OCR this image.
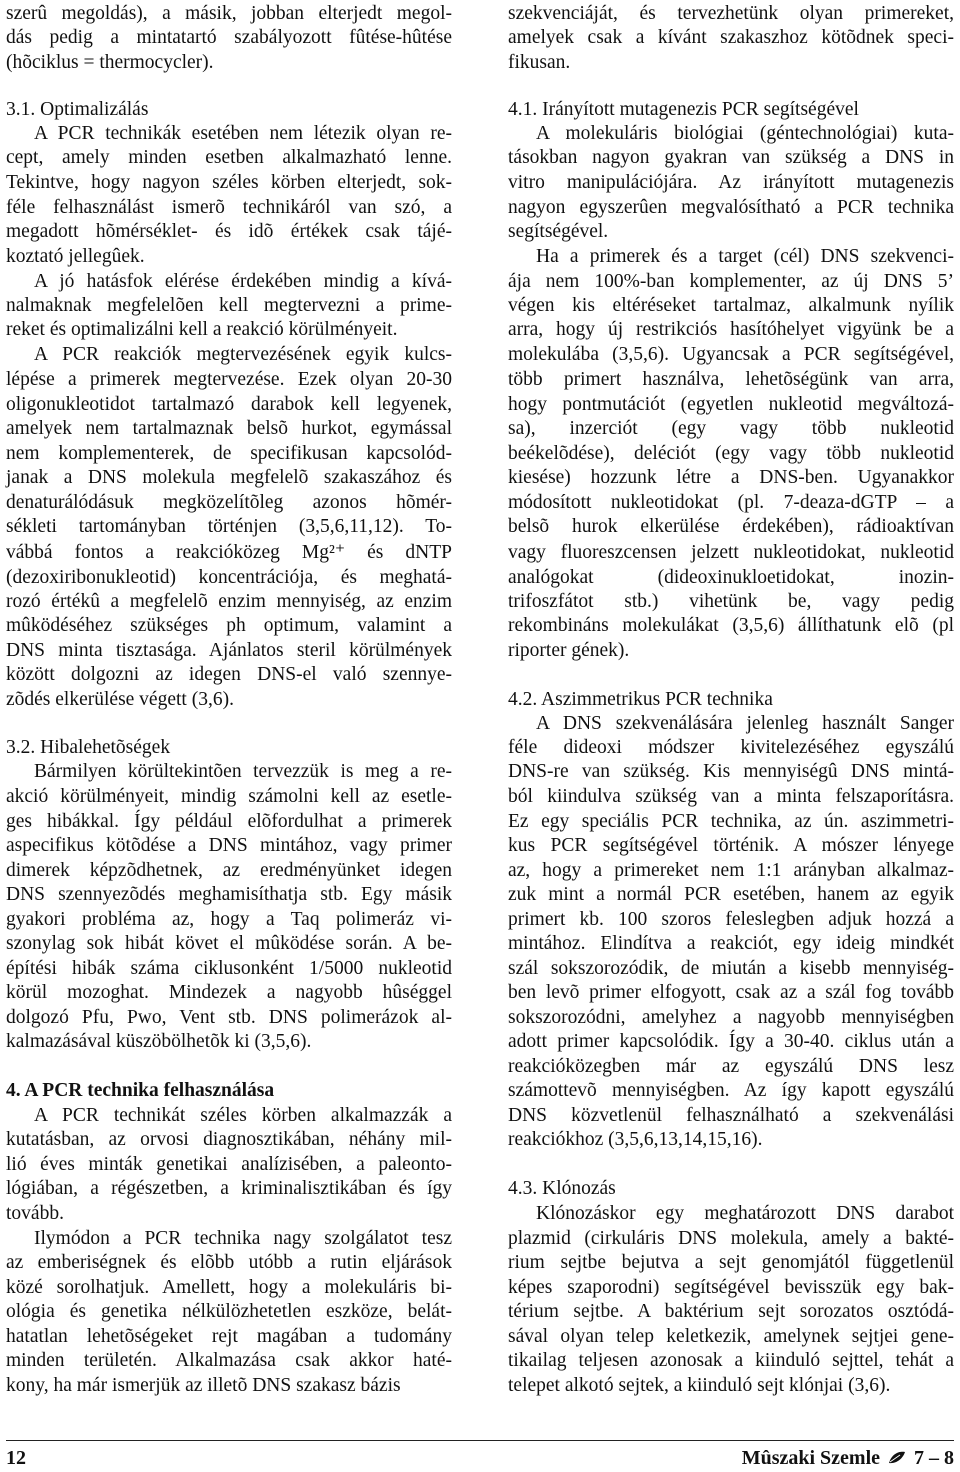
szerû megoldás), a másik, jobban elterjedt megol-
dás pedig a mintatartó szabályozott fûtése-hûtése
(hõciklus = thermocycler).
3.1. Optimalizálás
A PCR technikák esetében nem létezik olyan re-
cept, amely minden esetben alkalmazható lenne.
Tekintve, hogy nagyon széles körben elterjedt, sok-
féle felhasználást ismerõ technikáról van szó, a
megadott hõmérséklet- és idõ értékek csak tájé-
koztató jellegûek.
A jó hatásfok elérése érdekében mindig a kívá-
nalmaknak megfelelõen kell megtervezni a prime-
reket és optimalizálni kell a reakció körülményeit.
A PCR reakciók megtervezésének egyik kulcs-
lépése a primerek megtervezése. Ezek olyan 20-30
oligonukleotidot tartalmazó darabok kell legyenek,
amelyek nem tartalmaznak belsõ hurkot, egymással
nem komplementerek, de specifikusan kapcsolód-
janak a DNS molekula megfelelõ szakaszához és
denaturálódásuk megközelítõleg azonos hõmér-
sékleti tartományban történjen (3,5,6,11,12). To-
vábbá fontos a reakcióközeg Mg²⁺ és dNTP
(dezoxiribonukleotid) koncentrációja, és meghatá-
rozó értékû a megfelelõ enzim mennyiség, az enzim
mûködéséhez szükséges ph optimum, valamint a
DNS minta tisztasága. Ajánlatos steril körülmények
között dolgozni az idegen DNS-el való szennye-
zõdés elkerülése végett (3,6).
3.2. Hibalehetõségek
Bármilyen körültekintõen tervezzük is meg a re-
akció körülményeit, mindig számolni kell az esetle-
ges hibákkal. Így például elõfordulhat a primerek
aspecifikus kötõdése a DNS mintához, vagy primer
dimerek képzõdhetnek, az eredményünket idegen
DNS szennyezõdés meghamisíthatja stb. Egy másik
gyakori probléma az, hogy a Taq polimeráz vi-
szonylag sok hibát követ el mûködése során. A be-
építési hibák száma ciklusonként 1/5000 nukleotid
körül mozoghat. Mindezek a nagyobb hûséggel
dolgozó Pfu, Pwo, Vent stb. DNS polimerázok al-
kalmazásával küszöbölhetõk ki (3,5,6).
4. A PCR technika felhasználása
A PCR technikát széles körben alkalmazzák a
kutatásban, az orvosi diagnosztikában, néhány mil-
lió éves minták genetikai analízisében, a paleonto-
lógiában, a régészetben, a kriminalisztikában és így
tovább.
Ilymódon a PCR technika nagy szolgálatot tesz
az emberiségnek és elõbb utóbb a rutin eljárások
közé sorolhatjuk. Amellett, hogy a molekuláris bi-
ológia és genetika nélkülözhetetlen eszköze, belát-
hatatlan lehetõségeket rejt magában a tudomány
minden területén. Alkalmazása csak akkor haté-
kony, ha már ismerjük az illetõ DNS szakasz bázis
szekvenciáját, és tervezhetünk olyan primereket,
amelyek csak a kívánt szakaszhoz kötõdnek speci-
fikusan.
4.1. Irányított mutagenezis PCR segítségével
A molekuláris biológiai (géntechnológiai) kuta-
tásokban nagyon gyakran van szükség a DNS in
vitro manipulációjára. Az irányított mutagenezis
nagyon egyszerûen megvalósítható a PCR technika
segítségével.
Ha a primerek és a target (cél) DNS szekvenci-
ája nem 100%-ban komplementer, az új DNS 5’
végen kis eltéréseket tartalmaz, alkalmunk nyílik
arra, hogy új restrikciós hasítóhelyet vigyünk be a
molekulába (3,5,6). Ugyancsak a PCR segítségével,
több primert használva, lehetõségünk van arra,
hogy pontmutációt (egyetlen nukleotid megváltozá-
sa), inzerciót (egy vagy több nukleotid
beékelõdése), deléciót (egy vagy több nukleotid
kiesése) hozzunk létre a DNS-ben. Ugyanakkor
módosított nukleotidokat (pl. 7-deaza-dGTP – a
belsõ hurok elkerülése érdekében), rádioaktívan
vagy fluoreszcensen jelzett nukleotidokat, nukleotid
analógokat (dideoxinukloetidokat, inozin-
trifoszfátot stb.) vihetünk be, vagy pedig
rekombináns molekulákat (3,5,6) állíthatunk elõ (pl
riporter gének).
4.2. Aszimmetrikus PCR technika
A DNS szekvenálására jelenleg használt Sanger
féle dideoxi módszer kivitelezéséhez egyszálú
DNS-re van szükség. Kis mennyiségû DNS mintá-
ból kiindulva szükség van a minta felszaporításra.
Ez egy speciális PCR technika, az ún. aszimmetri-
kus PCR segítségével történik. A mószer lényege
az, hogy a primereket nem 1:1 arányban alkalmaz-
zuk mint a normál PCR esetében, hanem az egyik
primert kb. 100 szoros feleslegben adjuk hozzá a
mintához. Elindítva a reakciót, egy ideig mindkét
szál sokszorozódik, de miután a kisebb mennyiség-
ben levõ primer elfogyott, csak az a szál fog tovább
sokszorozódni, amelyhez a nagyobb mennyiségben
adott primer kapcsolódik. Így a 30-40. ciklus után a
reakcióközegben már az egyszálú DNS lesz
számottevõ mennyiségben. Az így kapott egyszálú
DNS közvetlenül felhasználható a szekvenálási
reakciókhoz (3,5,6,13,14,15,16).
4.3. Klónozás
Klónozáskor egy meghatározott DNS darabot
plazmid (cirkuláris DNS molekula, amely a bakté-
rium sejtbe bejutva a sejt genomjától függetlenül
képes szaporodni) segítségével bevisszük egy bak-
térium sejtbe. A baktérium sejt sorozatos osztódá-
sával olyan telep keletkezik, amelynek sejtjei gene-
tikailag teljesen azonosak a kiinduló sejttel, tehát a
telepet alkotó sejtek, a kiinduló sejt klónjai (3,6).
12	Mûszaki Szemle 7 – 8
